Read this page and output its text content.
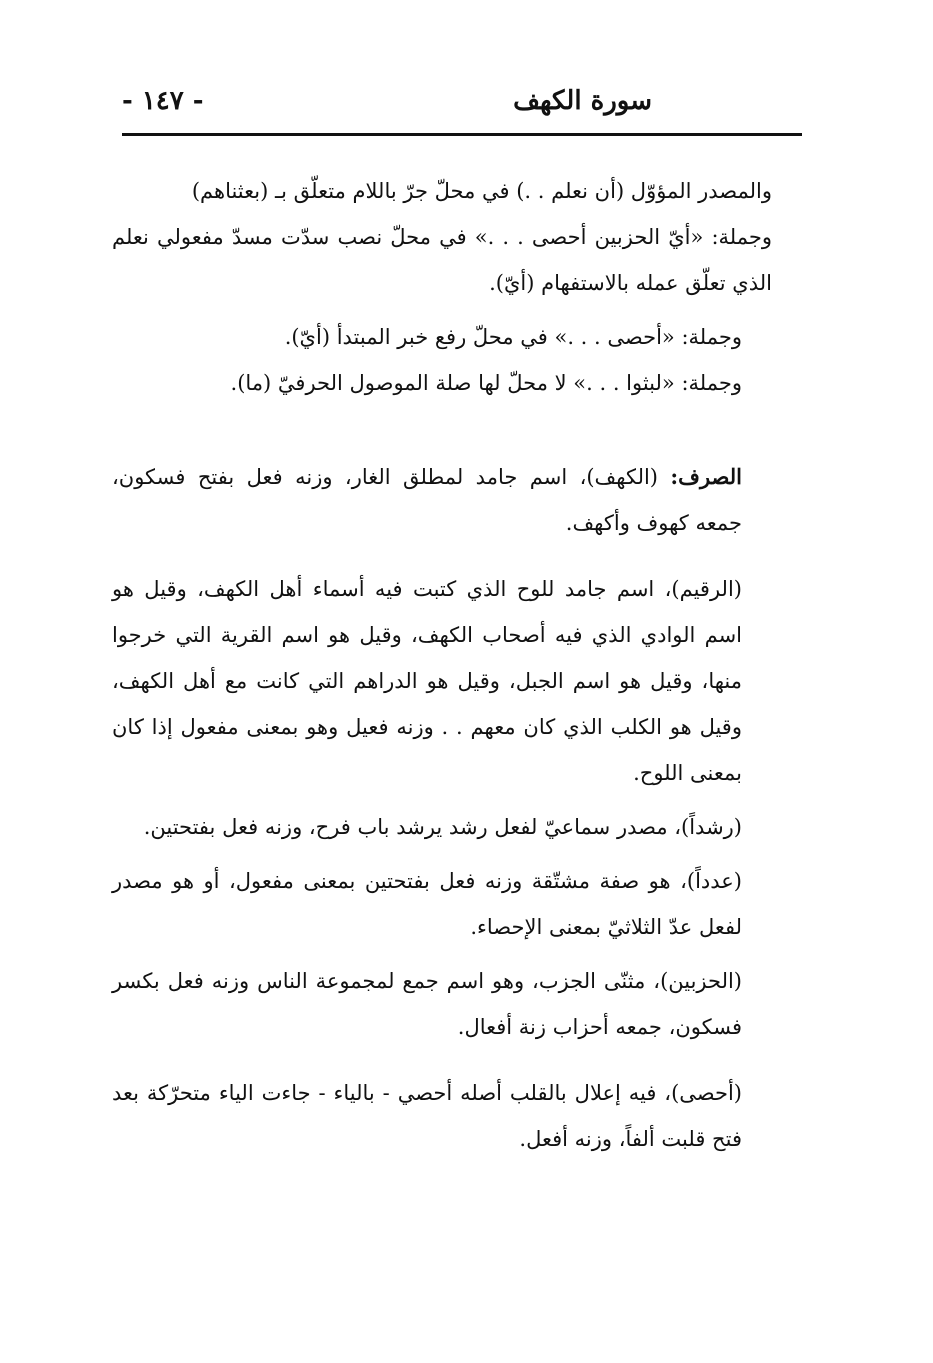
سورة الكهف
- ١٤٧ -

والمصدر المؤوّل (أن نعلم . .) في محلّ جرّ باللام متعلّق بـ (بعثناهم)

وجملة: «أيّ الحزبين أحصى . . .» في محلّ نصب سدّت مسدّ مفعولي نعلم الذي تعلّق عمله بالاستفهام (أيّ).

وجملة: «أحصى . . .» في محلّ رفع خبر المبتدأ (أيّ).

وجملة: «لبثوا . . .» لا محلّ لها صلة الموصول الحرفيّ (ما).

الصرف: (الكهف)، اسم جامد لمطلق الغار، وزنه فعل بفتح فسكون، جمعه كهوف وأكهف.

(الرقيم)، اسم جامد للوح الذي كتبت فيه أسماء أهل الكهف، وقيل هو اسم الوادي الذي فيه أصحاب الكهف، وقيل هو اسم القرية التي خرجوا منها، وقيل هو اسم الجبل، وقيل هو الدراهم التي كانت مع أهل الكهف، وقيل هو الكلب الذي كان معهم . . وزنه فعيل وهو بمعنى مفعول إذا كان بمعنى اللوح.

(رشداً)، مصدر سماعيّ لفعل رشد يرشد باب فرح، وزنه فعل بفتحتين.

(عدداً)، هو صفة مشتّقة وزنه فعل بفتحتين بمعنى مفعول، أو هو مصدر لفعل عدّ الثلاثيّ بمعنى الإحصاء.

(الحزبين)، مثنّى الجزب، وهو اسم جمع لمجموعة الناس وزنه فعل بكسر فسكون، جمعه أحزاب زنة أفعال.

(أحصى)، فيه إعلال بالقلب أصله أحصي - بالياء - جاءت الياء متحرّكة بعد فتح قلبت ألفاً، وزنه أفعل.
